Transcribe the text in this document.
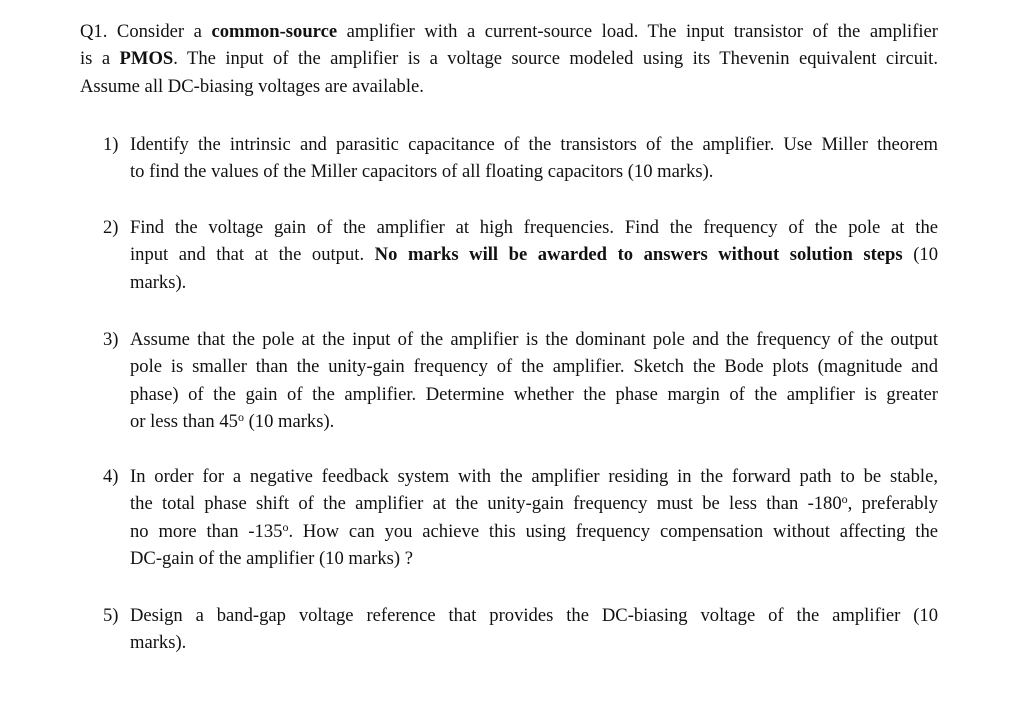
Q1. Consider a common-source amplifier with a current-source load. The input transistor of the amplifier
is a PMOS. The input of the amplifier is a voltage source modeled using its Thevenin equivalent circuit.
Assume all DC-biasing voltages are available.
1) Identify the intrinsic and parasitic capacitance of the transistors of the amplifier. Use Miller theorem
to find the values of the Miller capacitors of all floating capacitors (10 marks).
2) Find the voltage gain of the amplifier at high frequencies. Find the frequency of the pole at the
input and that at the output. No marks will be awarded to answers without solution steps (10
marks).
3) Assume that the pole at the input of the amplifier is the dominant pole and the frequency of the output
pole is smaller than the unity-gain frequency of the amplifier. Sketch the Bode plots (magnitude and
phase) of the gain of the amplifier. Determine whether the phase margin of the amplifier is greater
or less than 45$^o$ (10 marks).
4) In order for a negative feedback system with the amplifier residing in the forward path to be stable,
the total phase shift of the amplifier at the unity-gain frequency must be less than -180$^o$, preferably
no more than -135$^o$. How can you achieve this using frequency compensation without affecting the
DC-gain of the amplifier (10 marks) ?
5) Design a band-gap voltage reference that provides the DC-biasing voltage of the amplifier (10
marks).
